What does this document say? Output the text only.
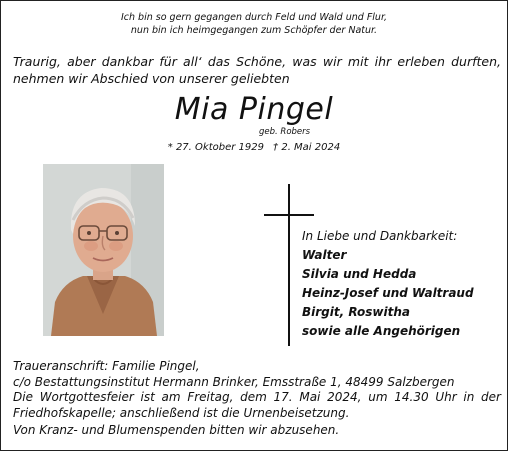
Ich bin so gern gegangen durch Feld und Wald und Flur,
nun bin ich heimgegangen zum Schöpfer der Natur.

Traurig, aber dankbar für all‘ das Schöne, was wir mit ihr erleben durften, nehmen wir Abschied von unserer geliebten

Mia Pingel
geb. Robers
* 27. Oktober 1929 † 2. Mai 2024
In Liebe und Dankbarkeit:
Walter
Silvia und Hedda
Heinz-Josef und Waltraud
Birgit, Roswitha
sowie alle Angehörigen

Traueranschrift: Familie Pingel,

c/o Bestattungsinstitut Hermann Brinker, Emsstraße 1, 48499 Salzbergen

Die Wortgottesfeier ist am Freitag, dem 17. Mai 2024, um 14.30 Uhr in der Friedhofskapelle; anschließend ist die Urnenbeisetzung.

Von Kranz- und Blumenspenden bitten wir abzusehen.
